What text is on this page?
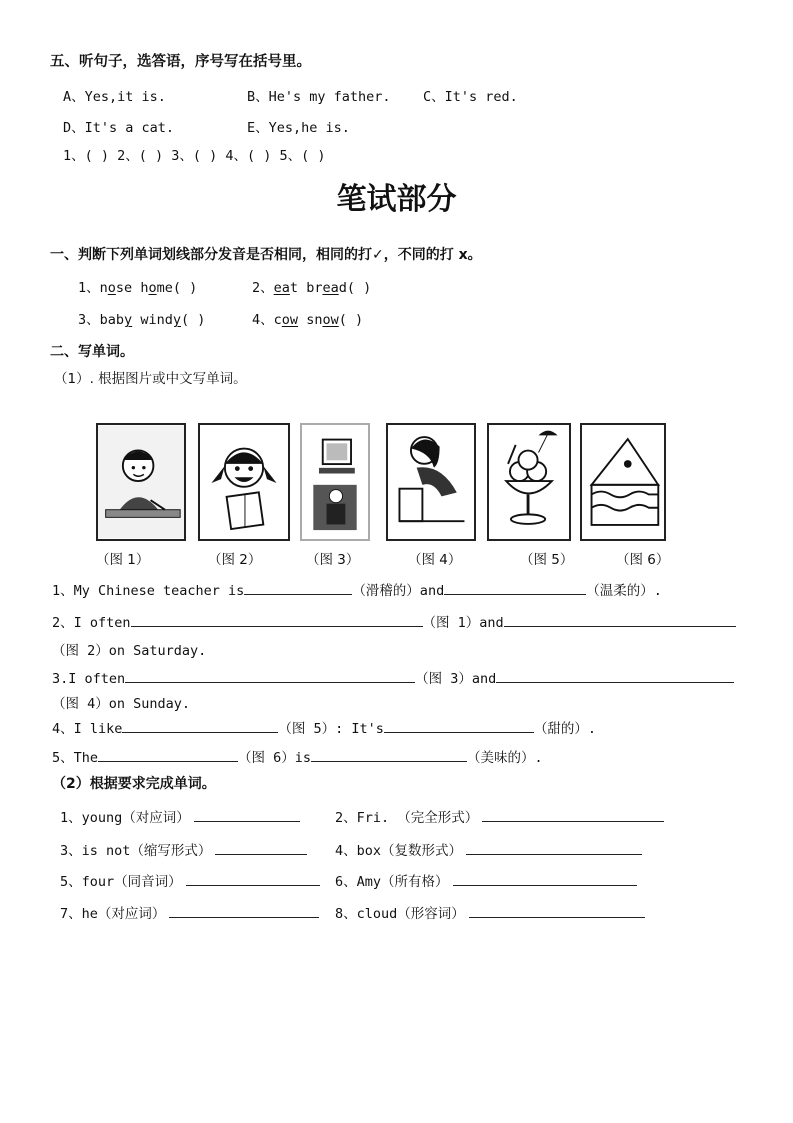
五、听句子，选答语，序号写在括号里。
A、Yes,it is.	B、He's my father. C、It's red.
D、It's a cat.	E、Yes,he is.
1、( ) 2、( ) 3、( ) 4、( ) 5、( )
笔试部分
一、判断下列单词划线部分发音是否相同，相同的打✓，不同的打 x。
1、nose home( )	2、eat bread( )
3、baby windy( )	4、cow snow( )
二、写单词。
（1）. 根据图片或中文写单词。
（图 1）	（图 2）	（图 3）	（图 4）	（图 5）	（图 6）
1、My Chinese teacher is	（滑稽的）and	（温柔的）.
2、I often	（图 1）and
（图 2）on Saturday.
3.I often	（图 3）and
（图 4）on Sunday.
4、I like	（图 5）: It's	（甜的）.
5、The	（图 6）is	（美味的）.
（2）根据要求完成单词。
1、young（对应词）	2、Fri. （完全形式）
3、is not（缩写形式）	4、box（复数形式）
5、four（同音词）	6、Amy（所有格）
7、he（对应词）	8、cloud（形容词）
